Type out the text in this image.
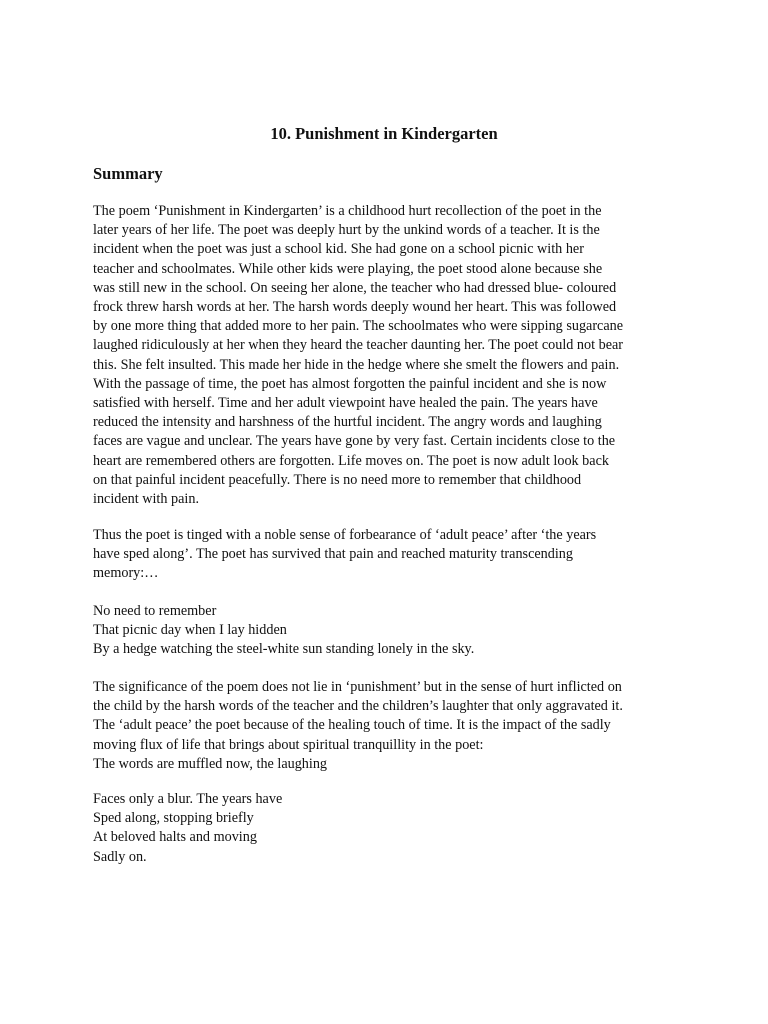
10. Punishment in Kindergarten
Summary

The poem ‘Punishment in Kindergarten’ is a childhood hurt recollection of the poet in the
later years of her life. The poet was deeply hurt by the unkind words of a teacher. It is the
incident when the poet was just a school kid. She had gone on a school picnic with her
teacher and schoolmates. While other kids were playing, the poet stood alone because she
was still new in the school. On seeing her alone, the teacher who had dressed blue- coloured
frock threw harsh words at her. The harsh words deeply wound her heart. This was followed
by one more thing that added more to her pain. The schoolmates who were sipping sugarcane
laughed ridiculously at her when they heard the teacher daunting her. The poet could not bear
this. She felt insulted. This made her hide in the hedge where she smelt the flowers and pain.
With the passage of time, the poet has almost forgotten the painful incident and she is now
satisfied with herself. Time and her adult viewpoint have healed the pain. The years have
reduced the intensity and harshness of the hurtful incident. The angry words and laughing
faces are vague and unclear. The years have gone by very fast. Certain incidents close to the
heart are remembered others are forgotten. Life moves on. The poet is now adult look back
on that painful incident peacefully. There is no need more to remember that childhood
incident with pain.

Thus the poet is tinged with a noble sense of forbearance of ‘adult peace’ after ‘the years
have sped along’. The poet has survived that pain and reached maturity transcending
memory:…

No need to remember
That picnic day when I lay hidden
By a hedge watching the steel-white sun standing lonely in the sky.

The significance of the poem does not lie in ‘punishment’ but in the sense of hurt inflicted on
the child by the harsh words of the teacher and the children’s laughter that only aggravated it.
The ‘adult peace’ the poet because of the healing touch of time. It is the impact of the sadly
moving flux of life that brings about spiritual tranquillity in the poet:
The words are muffled now, the laughing

Faces only a blur. The years have
Sped along, stopping briefly
At beloved halts and moving
Sadly on.
